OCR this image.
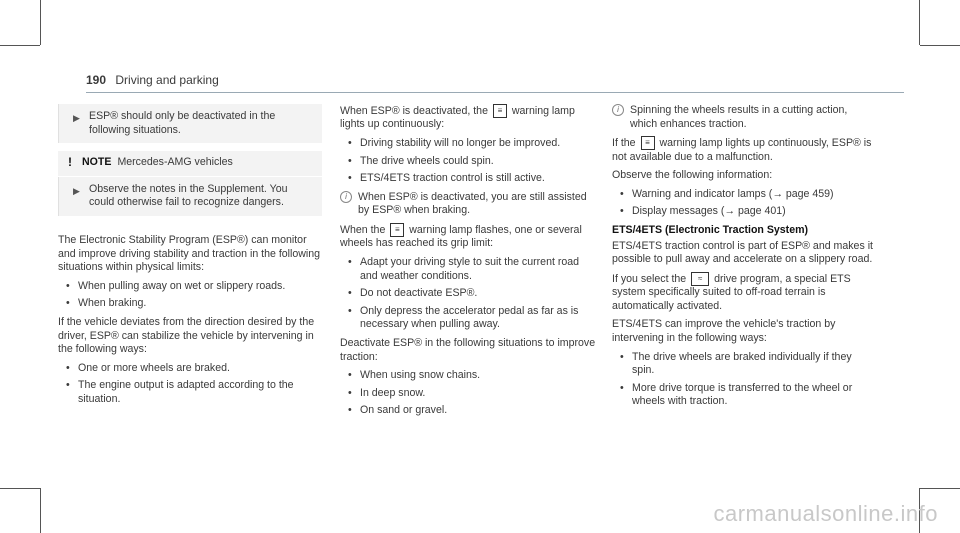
190 Driving and parking
▶ ESP® should only be deactivated in the following situations.
! NOTE Mercedes‑AMG vehicles
▶ Observe the notes in the Supplement. You could otherwise fail to recognize dangers.

The Electronic Stability Program (ESP®) can monitor and improve driving stability and traction in the following situations within physical limits:

• When pulling away on wet or slippery roads.
• When braking.

If the vehicle deviates from the direction desired by the driver, ESP® can stabilize the vehicle by intervening in the following ways:

• One or more wheels are braked.
• The engine output is adapted according to the situation.

When ESP® is deactivated, the ≡ warning lamp lights up continuously:

• Driving stability will no longer be improved.
• The drive wheels could spin.
• ETS/4ETS traction control is still active.
i	When ESP® is deactivated, you are still assisted by ESP® when braking.

When the ≡ warning lamp flashes, one or several wheels has reached its grip limit:

• Adapt your driving style to suit the current road and weather conditions.
• Do not deactivate ESP®.
• Only depress the accelerator pedal as far as is necessary when pulling away.

Deactivate ESP® in the following situations to improve traction:

• When using snow chains.
• In deep snow.
• On sand or gravel.
i	Spinning the wheels results in a cutting action, which enhances traction.

If the ≡ warning lamp lights up continuously, ESP® is not available due to a malfunction.

Observe the following information:

• Warning and indicator lamps (→ page 459)
• Display messages (→ page 401)
ETS/4ETS (Electronic Traction System)

ETS/4ETS traction control is part of ESP® and makes it possible to pull away and accelerate on a slippery road.

If you select the ≈ drive program, a special ETS system specifically suited to off‑road terrain is automatically activated.

ETS/4ETS can improve the vehicle's traction by intervening in the following ways:

• The drive wheels are braked individually if they spin.
• More drive torque is transferred to the wheel or wheels with traction.
carmanualsonline.info
